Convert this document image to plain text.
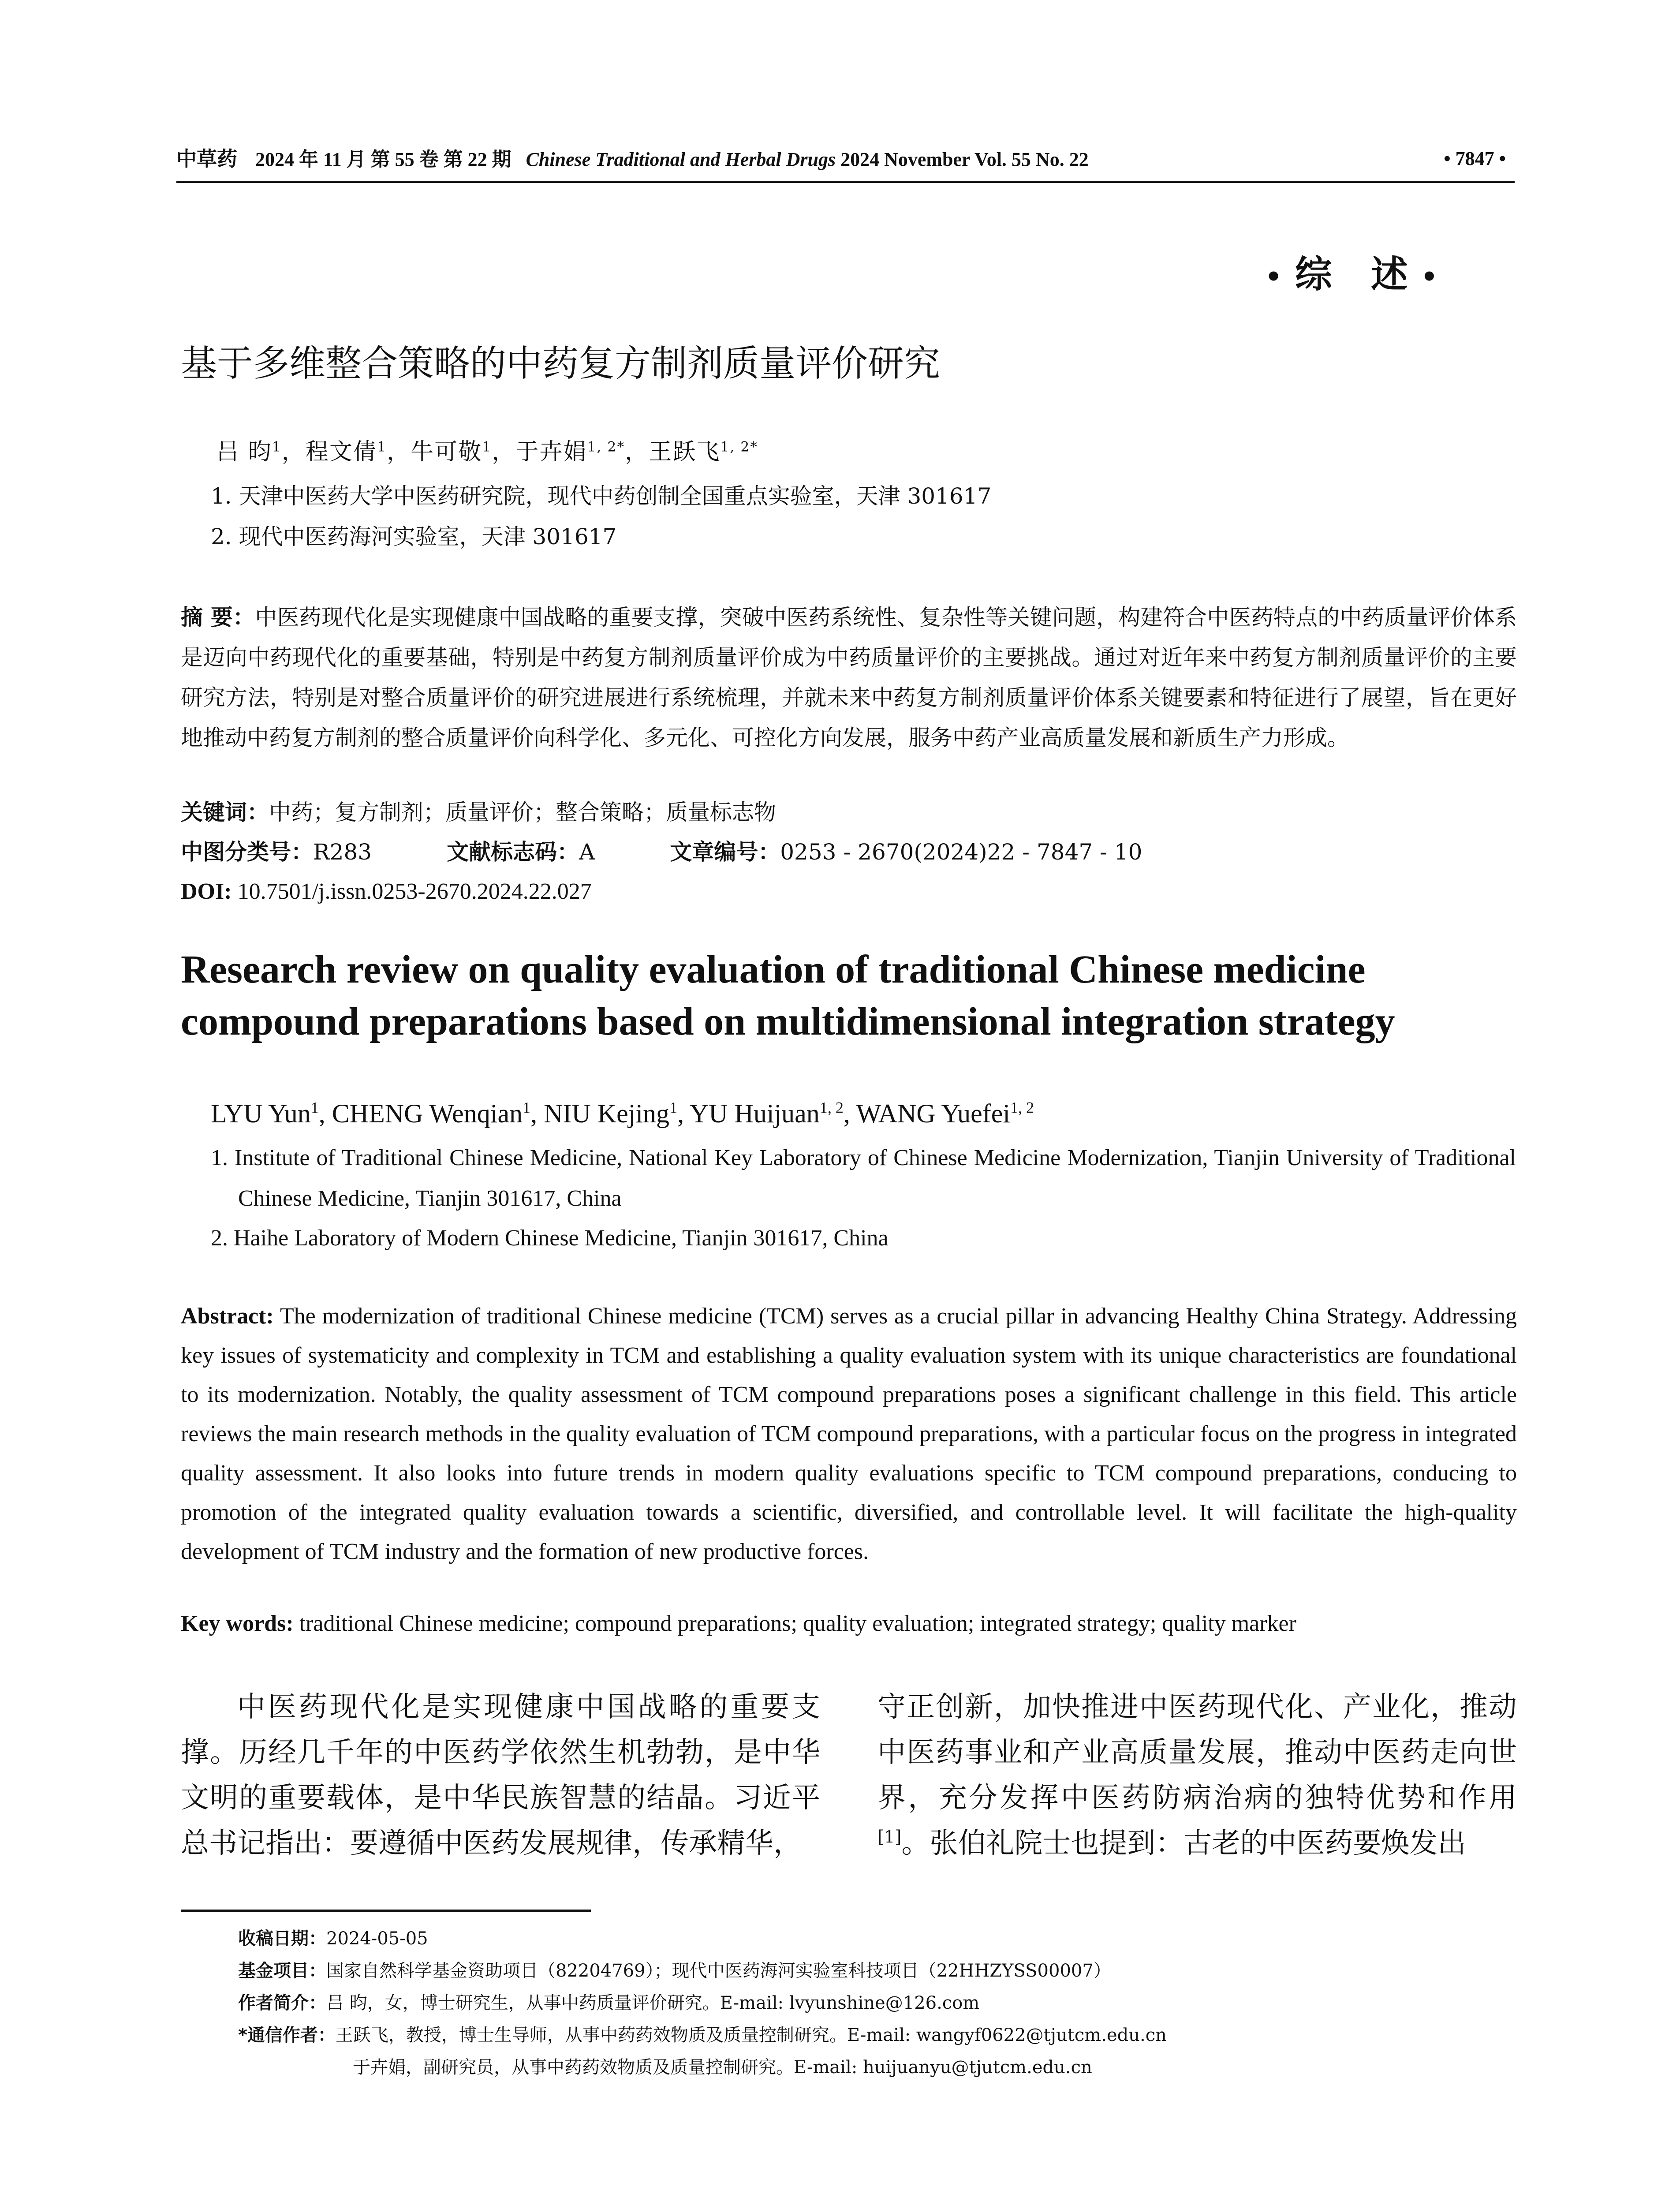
中草药 2024 年 11 月 第 55 卷 第 22 期 Chinese Traditional and Herbal Drugs 2024 November Vol. 55 No. 22	• 7847 •
•综 述•
基于多维整合策略的中药复方制剂质量评价研究
吕 昀$^1$，程文倩$^1$，牛可敬$^1$，于卉娟$^{1, 2*}$，王跃飞$^{1, 2*}$
1. 天津中医药大学中医药研究院，现代中药创制全国重点实验室，天津 301617
2. 现代中医药海河实验室，天津 301617
摘 要：中医药现代化是实现健康中国战略的重要支撑，突破中医药系统性、复杂性等关键问题，构建符合中医药特点的中药质量评价体系是迈向中药现代化的重要基础，特别是中药复方制剂质量评价成为中药质量评价的主要挑战。通过对近年来中药复方制剂质量评价的主要研究方法，特别是对整合质量评价的研究进展进行系统梳理，并就未来中药复方制剂质量评价体系关键要素和特征进行了展望，旨在更好地推动中药复方制剂的整合质量评价向科学化、多元化、可控化方向发展，服务中药产业高质量发展和新质生产力形成。
关键词：中药；复方制剂；质量评价；整合策略；质量标志物
中图分类号：R283	文献标志码：A	文章编号：0253 - 2670(2024)22 - 7847 - 10
DOI: 10.7501/j.issn.0253-2670.2024.22.027
Research review on quality evaluation of traditional Chinese medicine compound preparations based on multidimensional integration strategy
LYU Yun$^1$, CHENG Wenqian$^1$, NIU Kejing$^1$, YU Huijuan$^{1, 2}$, WANG Yuefei$^{1, 2}$
1. Institute of Traditional Chinese Medicine, National Key Laboratory of Chinese Medicine Modernization, Tianjin University of Traditional Chinese Medicine, Tianjin 301617, China
2. Haihe Laboratory of Modern Chinese Medicine, Tianjin 301617, China
Abstract: The modernization of traditional Chinese medicine (TCM) serves as a crucial pillar in advancing Healthy China Strategy. Addressing key issues of systematicity and complexity in TCM and establishing a quality evaluation system with its unique characteristics are foundational to its modernization. Notably, the quality assessment of TCM compound preparations poses a significant challenge in this field. This article reviews the main research methods in the quality evaluation of TCM compound preparations, with a particular focus on the progress in integrated quality assessment. It also looks into future trends in modern quality evaluations specific to TCM compound preparations, conducing to promotion of the integrated quality evaluation towards a scientific, diversified, and controllable level. It will facilitate the high-quality development of TCM industry and the formation of new productive forces.
Key words: traditional Chinese medicine; compound preparations; quality evaluation; integrated strategy; quality marker
中医药现代化是实现健康中国战略的重要支撑。历经几千年的中医药学依然生机勃勃，是中华文明的重要载体，是中华民族智慧的结晶。习近平总书记指出：要遵循中医药发展规律，传承精华，
守正创新，加快推进中医药现代化、产业化，推动中医药事业和产业高质量发展，推动中医药走向世界，充分发挥中医药防病治病的独特优势和作用[1]。张伯礼院士也提到：古老的中医药要焕发出
收稿日期：2024-05-05
基金项目：国家自然科学基金资助项目（82204769）；现代中医药海河实验室科技项目（22HHZYSS00007）
作者简介：吕 昀，女，博士研究生，从事中药质量评价研究。E-mail: lvyunshine@126.com
*通信作者：王跃飞，教授，博士生导师，从事中药药效物质及质量控制研究。E-mail: wangyf0622@tjutcm.edu.cn
于卉娟，副研究员，从事中药药效物质及质量控制研究。E-mail: huijuanyu@tjutcm.edu.cn
